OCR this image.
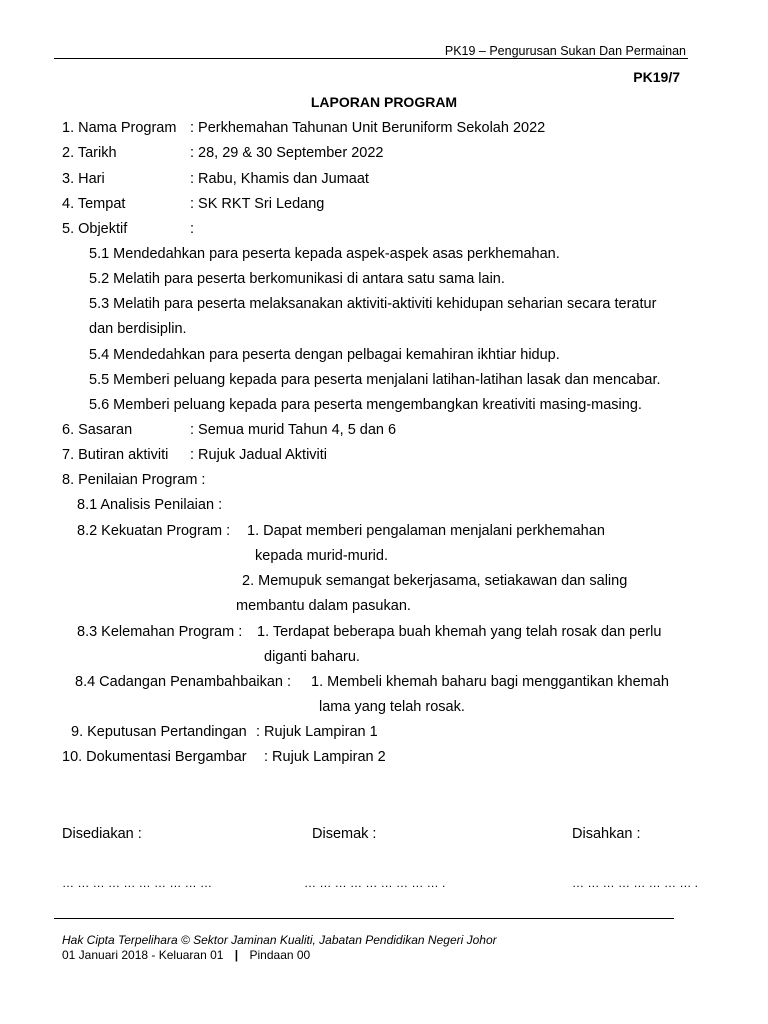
PK19 – Pengurusan Sukan Dan Permainan
PK19/7
LAPORAN PROGRAM
1. Nama Program : Perkhemahan Tahunan Unit Beruniform Sekolah 2022
2. Tarikh	: 28, 29 & 30 September 2022
3. Hari	: Rabu, Khamis dan Jumaat
4. Tempat	: SK RKT Sri Ledang
5. Objektif	:
5.1 Mendedahkan para peserta kepada aspek-aspek asas perkhemahan.
5.2 Melatih para peserta berkomunikasi di antara satu sama lain.
5.3 Melatih para peserta melaksanakan aktiviti-aktiviti kehidupan seharian secara teratur
dan berdisiplin.
5.4 Mendedahkan para peserta dengan pelbagai kemahiran ikhtiar hidup.
5.5 Memberi peluang kepada para peserta menjalani latihan-latihan lasak dan mencabar.
5.6 Memberi peluang kepada para peserta mengembangkan kreativiti masing-masing.
6. Sasaran	: Semua murid Tahun 4, 5 dan 6
7. Butiran aktiviti : Rujuk Jadual Aktiviti
8. Penilaian Program :
8.1 Analisis Penilaian :
8.2 Kekuatan Program : 1. Dapat memberi pengalaman menjalani perkhemahan
kepada murid-murid.
2. Memupuk semangat bekerjasama, setiakawan dan saling
membantu dalam pasukan.
8.3 Kelemahan Program : 1. Terdapat beberapa buah khemah yang telah rosak dan perlu
diganti baharu.
8.4 Cadangan Penambahbaikan : 1. Membeli khemah baharu bagi menggantikan khemah
lama yang telah rosak.
9. Keputusan Pertandingan : Rujuk Lampiran 1
10. Dokumentasi Bergambar : Rujuk Lampiran 2
Disediakan :	Disemak :	Disahkan :
… … … … … … … … … …	… … … … … … … … … .	… … … … … … … … .
Hak Cipta Terpelihara © Sektor Jaminan Kualiti, Jabatan Pendidikan Negeri Johor
01 Januari 2018 - Keluaran 01 | Pindaan 00
